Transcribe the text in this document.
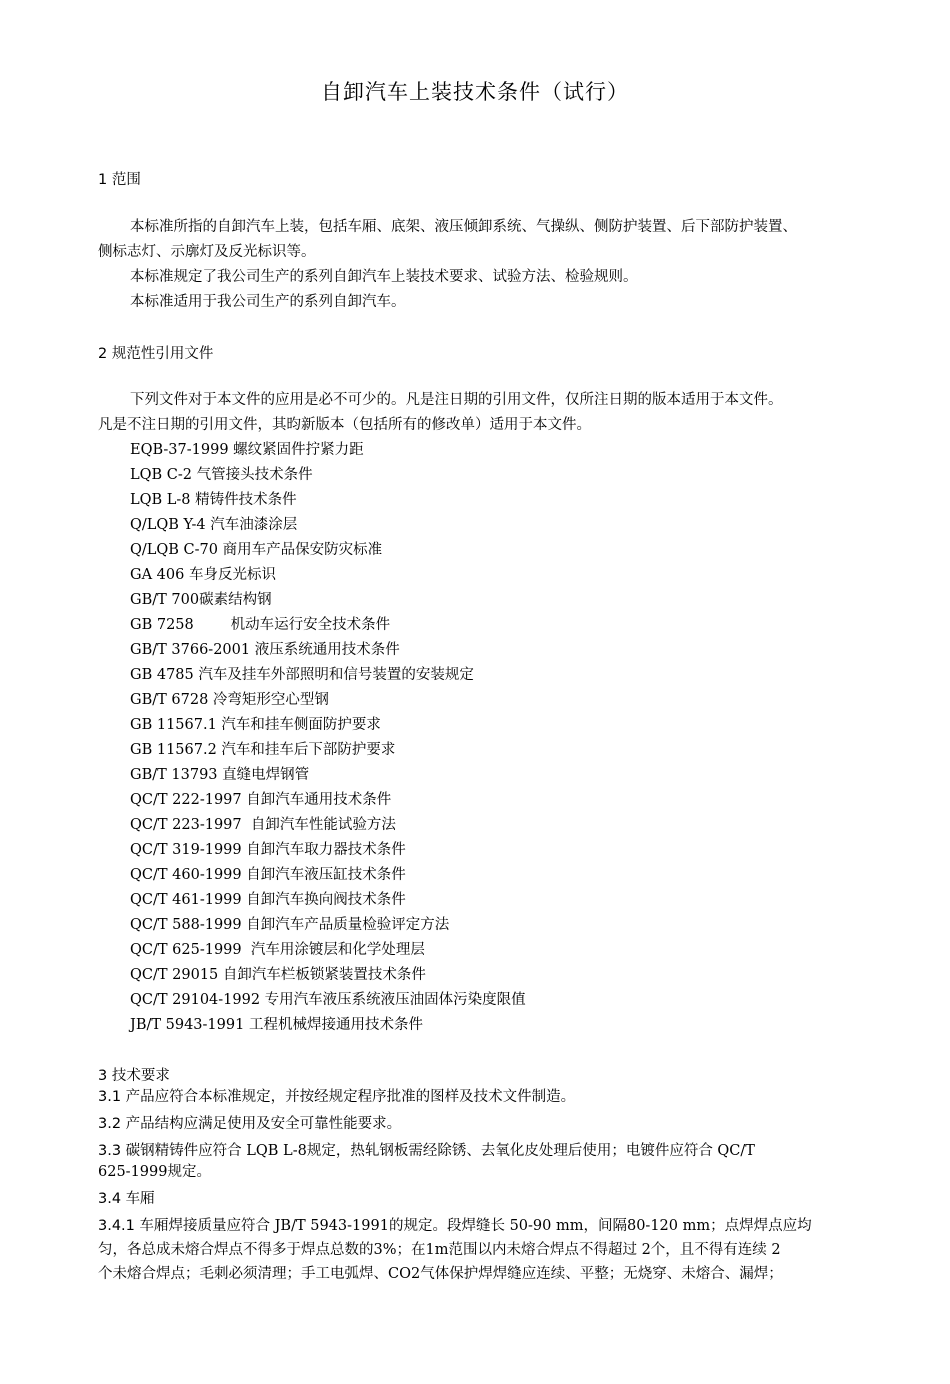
自卸汽车上装技术条件（试行）
1 范围
本标准所指的自卸汽车上装，包括车厢、底架、液压倾卸系统、气操纵、侧防护装置、后下部防护装置、
侧标志灯、示廓灯及反光标识等。
本标准规定了我公司生产的系列自卸汽车上装技术要求、试验方法、检验规则。
本标准适用于我公司生产的系列自卸汽车。
2 规范性引用文件
下列文件对于本文件的应用是必不可少的。凡是注日期的引用文件，仅所注日期的版本适用于本文件。
凡是不注日期的引用文件，其昀新版本（包括所有的修改单）适用于本文件。
EQB-37-1999 螺纹紧固件拧紧力距
LQB C-2 气管接头技术条件
LQB L-8 精铸件技术条件
Q/LQB Y-4 汽车油漆涂层
Q/LQB C-70 商用车产品保安防灾标准
GA 406 车身反光标识
GB/T 700碳素结构钢
GB 7258        机动车运行安全技术条件
GB/T 3766-2001 液压系统通用技术条件
GB 4785 汽车及挂车外部照明和信号装置的安装规定
GB/T 6728 冷弯矩形空心型钢
GB 11567.1 汽车和挂车侧面防护要求
GB 11567.2 汽车和挂车后下部防护要求
GB/T 13793 直缝电焊钢管
QC/T 222-1997 自卸汽车通用技术条件
QC/T 223-1997  自卸汽车性能试验方法
QC/T 319-1999 自卸汽车取力器技术条件
QC/T 460-1999 自卸汽车液压缸技术条件
QC/T 461-1999 自卸汽车换向阀技术条件
QC/T 588-1999 自卸汽车产品质量检验评定方法
QC/T 625-1999  汽车用涂镀层和化学处理层
QC/T 29015 自卸汽车栏板锁紧装置技术条件
QC/T 29104-1992 专用汽车液压系统液压油固体污染度限值
JB/T 5943-1991 工程机械焊接通用技术条件
3 技术要求
3.1 产品应符合本标准规定，并按经规定程序批准的图样及技术文件制造。
3.2 产品结构应满足使用及安全可靠性能要求。
3.3 碳钢精铸件应符合 LQB L-8规定，热轧钢板需经除锈、去氧化皮处理后使用；电镀件应符合 QC/T
625-1999规定。
3.4 车厢
3.4.1 车厢焊接质量应符合 JB/T 5943-1991的规定。段焊缝长 50-90 mm，间隔80-120 mm；点焊焊点应均
匀，各总成未熔合焊点不得多于焊点总数的3%；在1m范围以内未熔合焊点不得超过 2个，且不得有连续 2
个未熔合焊点；毛刺必须清理；手工电弧焊、CO2气体保护焊焊缝应连续、平整；无烧穿、未熔合、漏焊；
